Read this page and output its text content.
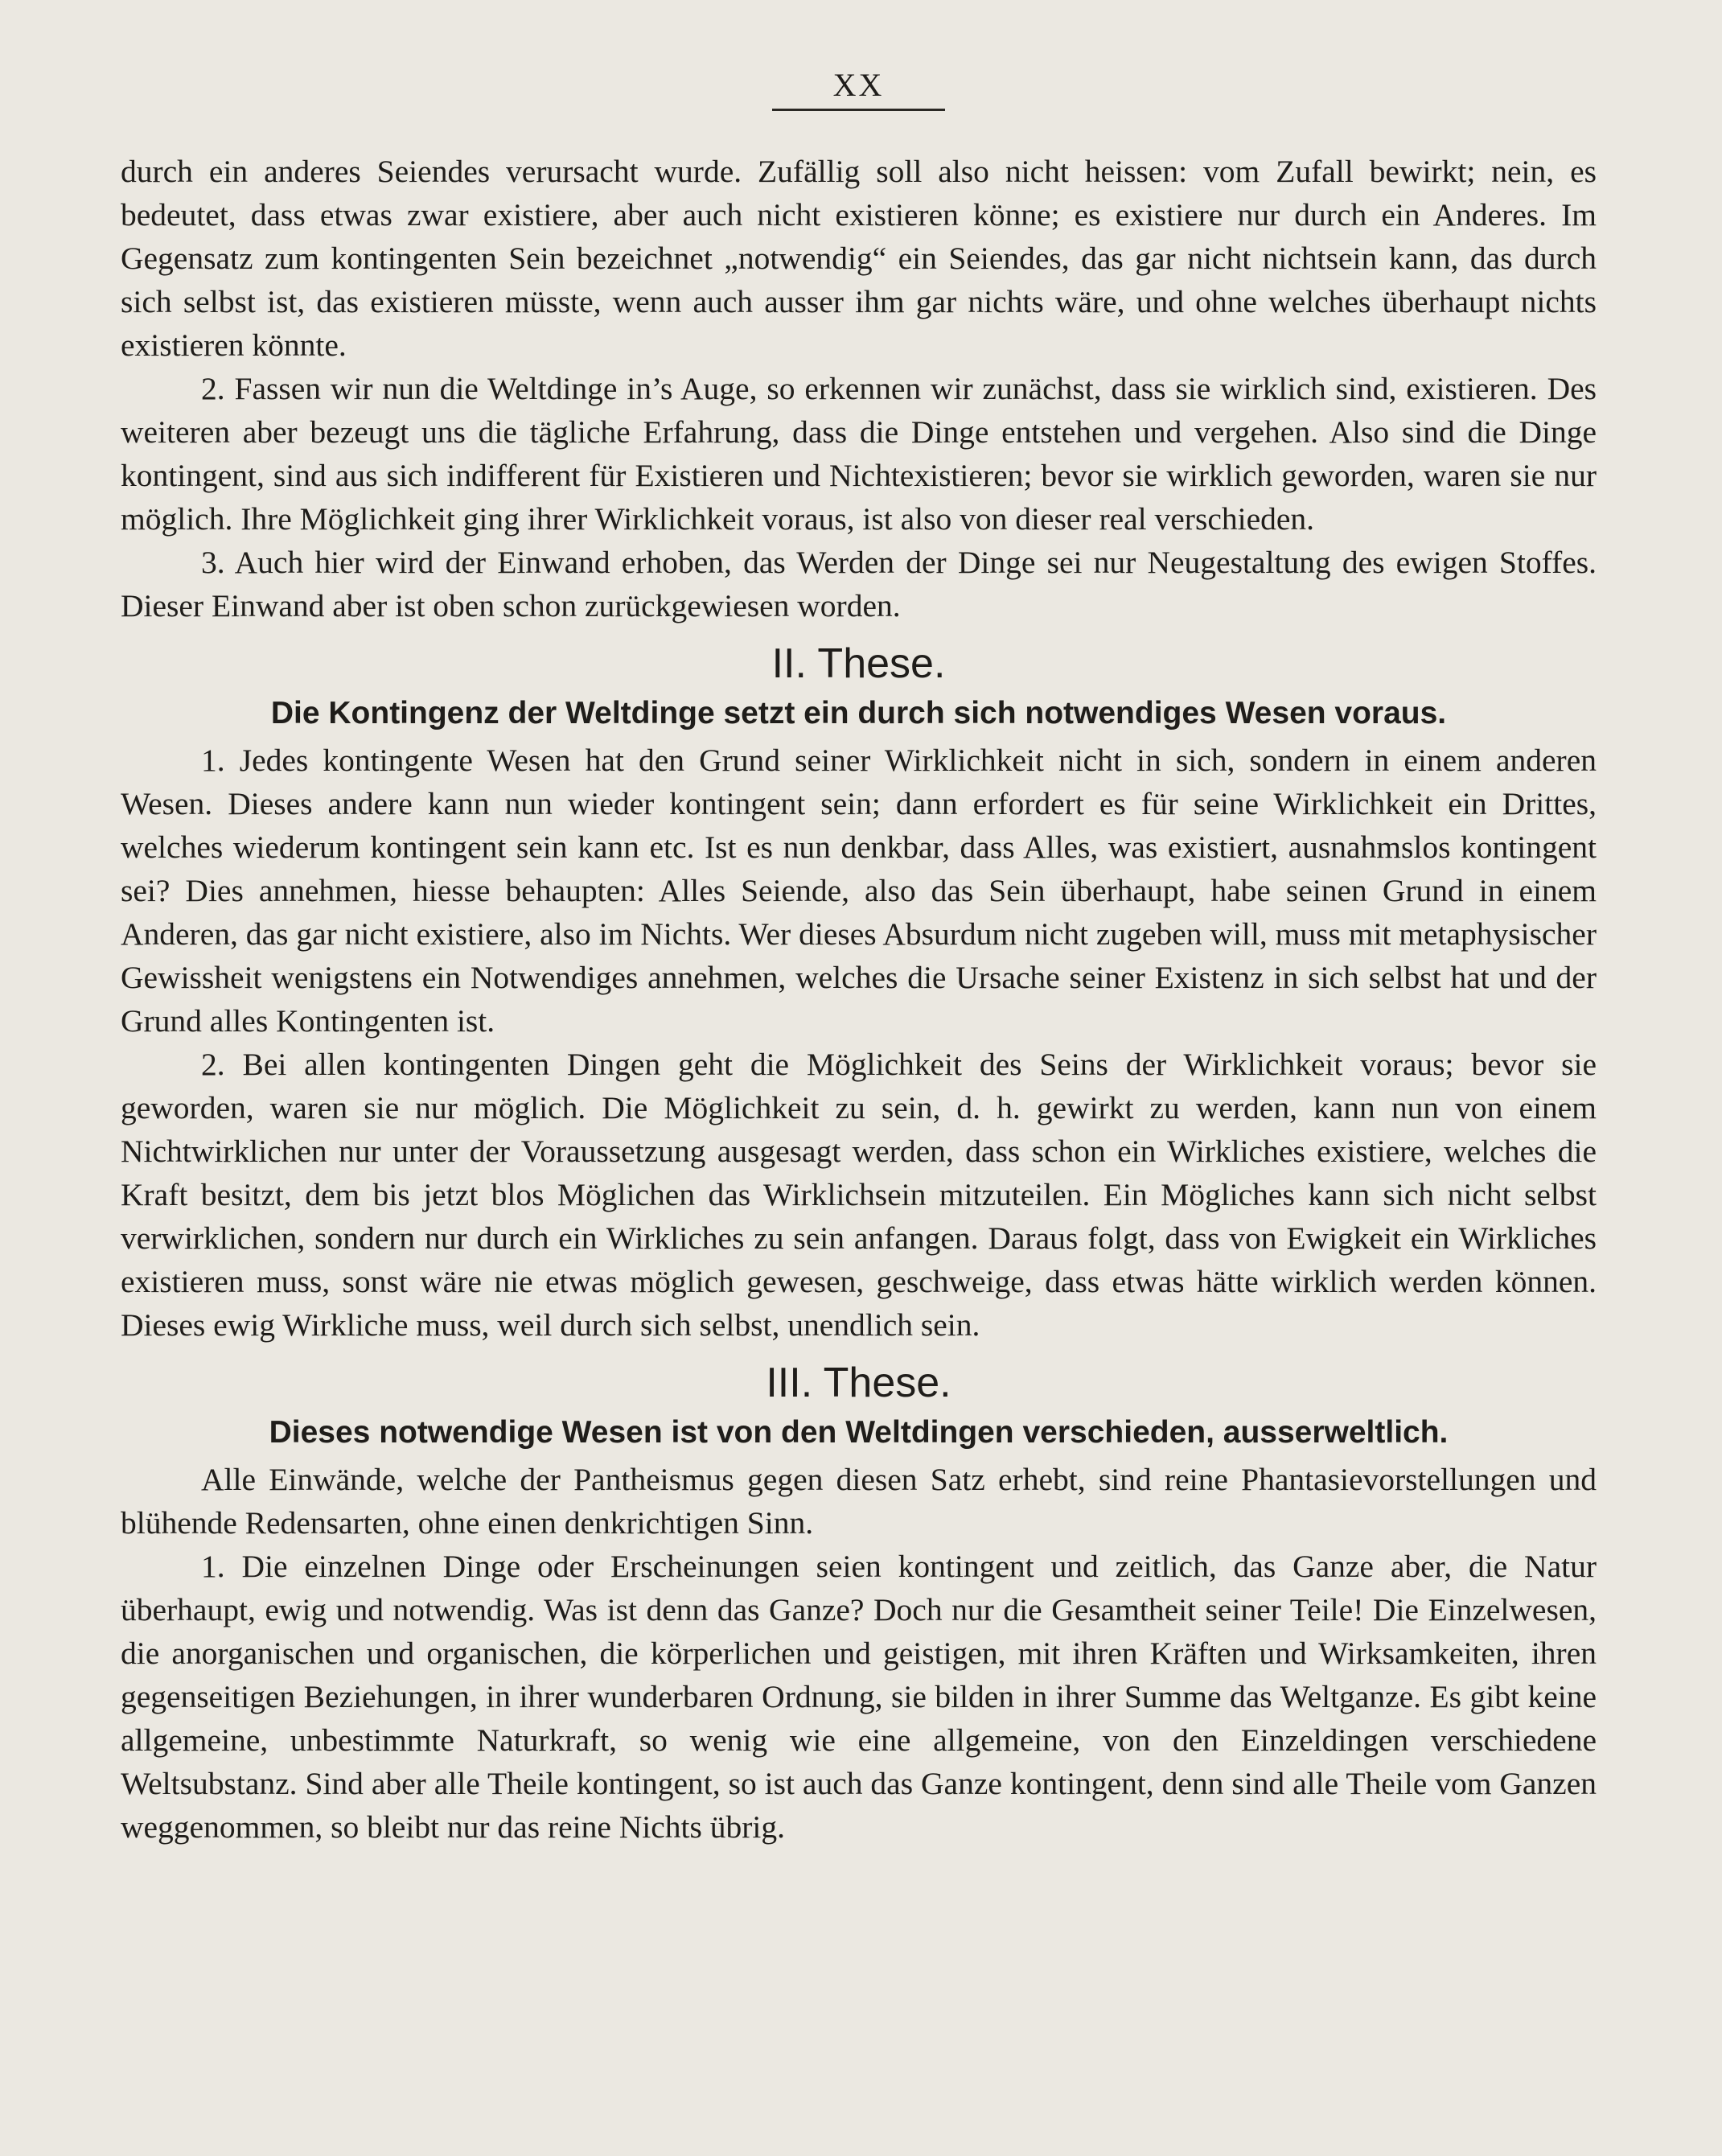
XX

durch ein anderes Seiendes verursacht wurde. Zufällig soll also nicht heissen: vom Zufall bewirkt; nein, es bedeutet, dass etwas zwar existiere, aber auch nicht existieren könne; es existiere nur durch ein Anderes. Im Gegensatz zum kontingenten Sein bezeichnet „notwendig“ ein Seiendes, das gar nicht nichtsein kann, das durch sich selbst ist, das existieren müsste, wenn auch ausser ihm gar nichts wäre, und ohne welches überhaupt nichts existieren könnte.

2. Fassen wir nun die Weltdinge in’s Auge, so erkennen wir zunächst, dass sie wirklich sind, existieren. Des weiteren aber bezeugt uns die tägliche Erfahrung, dass die Dinge entstehen und vergehen. Also sind die Dinge kontingent, sind aus sich indifferent für Existieren und Nichtexistieren; bevor sie wirklich geworden, waren sie nur möglich. Ihre Möglichkeit ging ihrer Wirklichkeit voraus, ist also von dieser real verschieden.

3. Auch hier wird der Einwand erhoben, das Werden der Dinge sei nur Neugestaltung des ewigen Stoffes. Dieser Einwand aber ist oben schon zurückgewiesen worden.

II. These.
Die Kontingenz der Weltdinge setzt ein durch sich notwendiges Wesen voraus.

1. Jedes kontingente Wesen hat den Grund seiner Wirklichkeit nicht in sich, sondern in einem anderen Wesen. Dieses andere kann nun wieder kontingent sein; dann erfordert es für seine Wirklichkeit ein Drittes, welches wiederum kontingent sein kann etc. Ist es nun denkbar, dass Alles, was existiert, ausnahmslos kontingent sei? Dies annehmen, hiesse behaupten: Alles Seiende, also das Sein überhaupt, habe seinen Grund in einem Anderen, das gar nicht existiere, also im Nichts. Wer dieses Absurdum nicht zugeben will, muss mit metaphysischer Gewissheit wenigstens ein Notwendiges annehmen, welches die Ursache seiner Existenz in sich selbst hat und der Grund alles Kontingenten ist.

2. Bei allen kontingenten Dingen geht die Möglichkeit des Seins der Wirklichkeit voraus; bevor sie geworden, waren sie nur möglich. Die Möglichkeit zu sein, d. h. gewirkt zu werden, kann nun von einem Nichtwirklichen nur unter der Voraussetzung ausgesagt werden, dass schon ein Wirkliches existiere, welches die Kraft besitzt, dem bis jetzt blos Möglichen das Wirklichsein mitzuteilen. Ein Mögliches kann sich nicht selbst verwirklichen, sondern nur durch ein Wirkliches zu sein anfangen. Daraus folgt, dass von Ewigkeit ein Wirkliches existieren muss, sonst wäre nie etwas möglich gewesen, geschweige, dass etwas hätte wirklich werden können. Dieses ewig Wirkliche muss, weil durch sich selbst, unendlich sein.

III. These.
Dieses notwendige Wesen ist von den Weltdingen verschieden, ausserweltlich.

Alle Einwände, welche der Pantheismus gegen diesen Satz erhebt, sind reine Phantasievorstellungen und blühende Redensarten, ohne einen denkrichtigen Sinn.

1. Die einzelnen Dinge oder Erscheinungen seien kontingent und zeitlich, das Ganze aber, die Natur überhaupt, ewig und notwendig. Was ist denn das Ganze? Doch nur die Gesamtheit seiner Teile! Die Einzelwesen, die anorganischen und organischen, die körperlichen und geistigen, mit ihren Kräften und Wirksamkeiten, ihren gegenseitigen Beziehungen, in ihrer wunderbaren Ordnung, sie bilden in ihrer Summe das Weltganze. Es gibt keine allgemeine, unbestimmte Naturkraft, so wenig wie eine allgemeine, von den Einzeldingen verschiedene Weltsubstanz. Sind aber alle Theile kontingent, so ist auch das Ganze kontingent, denn sind alle Theile vom Ganzen weggenommen, so bleibt nur das reine Nichts übrig.
